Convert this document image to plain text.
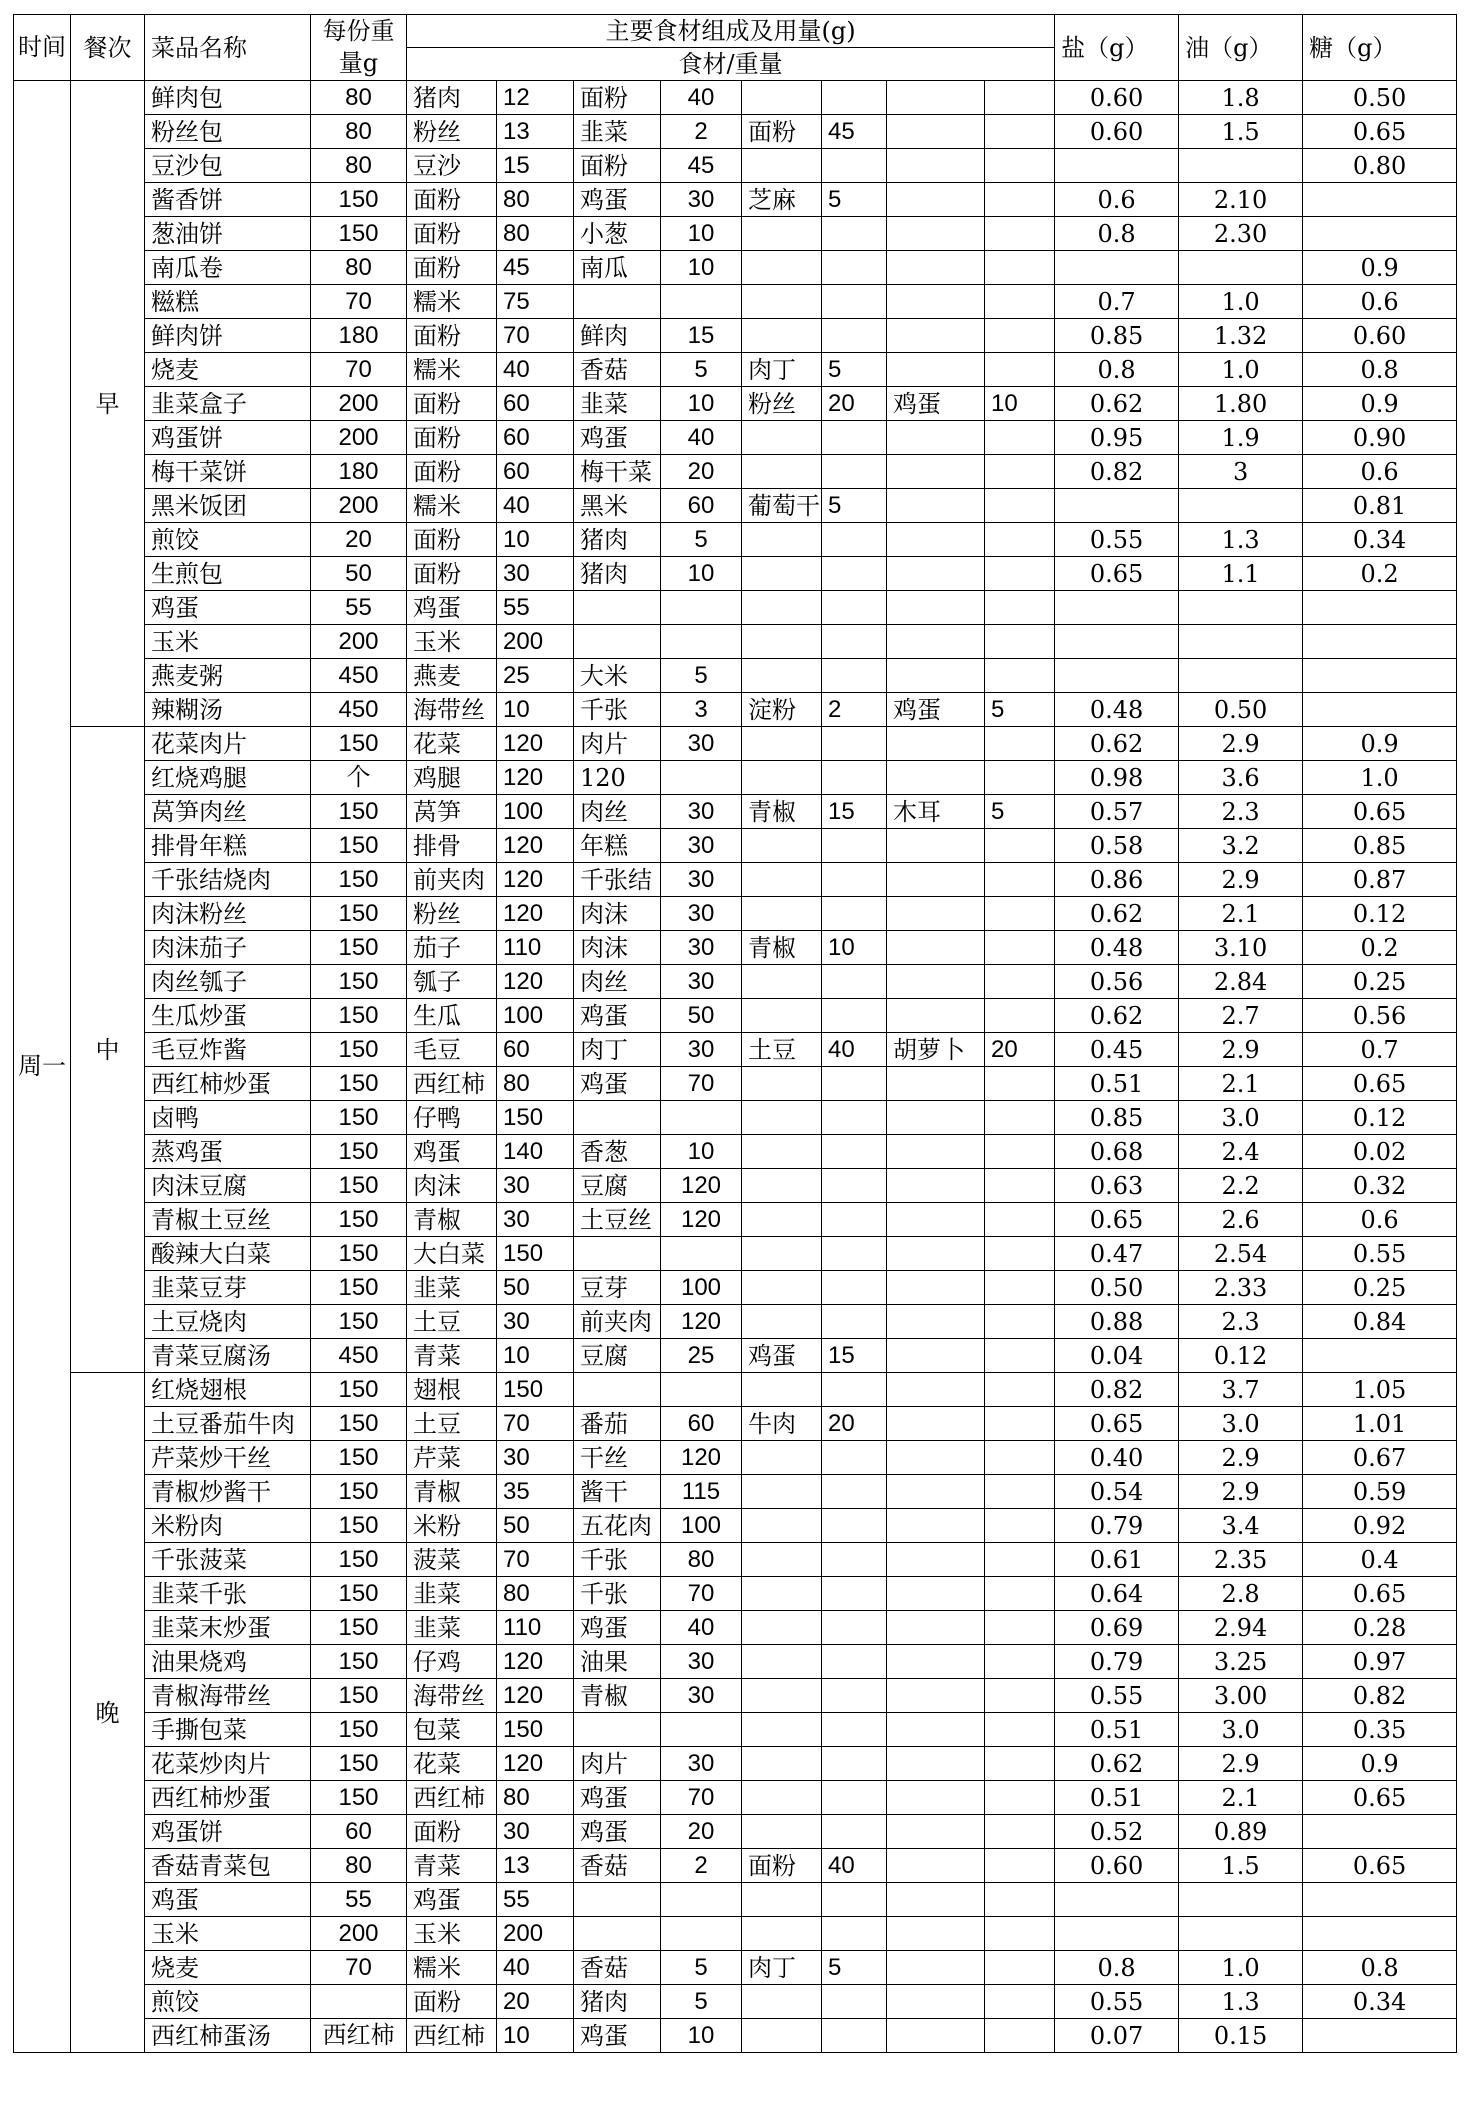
时间	餐次	菜品名称	每份重量g	主要食材组成及用量(g)								盐（g）	油（g）	糖（g）
				食材/重量										
周一	早	鲜肉包	80	猪肉	12	面粉	40					0.60	1.8	0.50
		粉丝包	80	粉丝	13	韭菜	2	面粉	45			0.60	1.5	0.65
		豆沙包	80	豆沙	15	面粉	45							0.80
		酱香饼	150	面粉	80	鸡蛋	30	芝麻	5			0.6	2.10	
		葱油饼	150	面粉	80	小葱	10					0.8	2.30	
		南瓜卷	80	面粉	45	南瓜	10							0.9
		糍糕	70	糯米	75							0.7	1.0	0.6
		鲜肉饼	180	面粉	70	鲜肉	15					0.85	1.32	0.60
		烧麦	70	糯米	40	香菇	5	肉丁	5			0.8	1.0	0.8
		韭菜盒子	200	面粉	60	韭菜	10	粉丝	20	鸡蛋	10	0.62	1.80	0.9
		鸡蛋饼	200	面粉	60	鸡蛋	40					0.95	1.9	0.90
		梅干菜饼	180	面粉	60	梅干菜	20					0.82	3	0.6
		黑米饭团	200	糯米	40	黑米	60	葡萄干	5					0.81
		煎饺	20	面粉	10	猪肉	5					0.55	1.3	0.34
		生煎包	50	面粉	30	猪肉	10					0.65	1.1	0.2
		鸡蛋	55	鸡蛋	55									
		玉米	200	玉米	200									
		燕麦粥	450	燕麦	25	大米	5							
		辣糊汤	450	海带丝	10	千张	3	淀粉	2	鸡蛋	5	0.48	0.50	
	中	花菜肉片	150	花菜	120	肉片	30					0.62	2.9	0.9
		红烧鸡腿	个	鸡腿	120	120						0.98	3.6	1.0
		莴笋肉丝	150	莴笋	100	肉丝	30	青椒	15	木耳	5	0.57	2.3	0.65
		排骨年糕	150	排骨	120	年糕	30					0.58	3.2	0.85
		千张结烧肉	150	前夹肉	120	千张结	30					0.86	2.9	0.87
		肉沫粉丝	150	粉丝	120	肉沫	30					0.62	2.1	0.12
		肉沫茄子	150	茄子	110	肉沫	30	青椒	10			0.48	3.10	0.2
		肉丝瓠子	150	瓠子	120	肉丝	30					0.56	2.84	0.25
		生瓜炒蛋	150	生瓜	100	鸡蛋	50					0.62	2.7	0.56
		毛豆炸酱	150	毛豆	60	肉丁	30	土豆	40	胡萝卜	20	0.45	2.9	0.7
		西红柿炒蛋	150	西红柿	80	鸡蛋	70					0.51	2.1	0.65
		卤鸭	150	仔鸭	150							0.85	3.0	0.12
		蒸鸡蛋	150	鸡蛋	140	香葱	10					0.68	2.4	0.02
		肉沫豆腐	150	肉沫	30	豆腐	120					0.63	2.2	0.32
		青椒土豆丝	150	青椒	30	土豆丝	120					0.65	2.6	0.6
		酸辣大白菜	150	大白菜	150							0.47	2.54	0.55
		韭菜豆芽	150	韭菜	50	豆芽	100					0.50	2.33	0.25
		土豆烧肉	150	土豆	30	前夹肉	120					0.88	2.3	0.84
		青菜豆腐汤	450	青菜	10	豆腐	25	鸡蛋	15			0.04	0.12	
	晚	红烧翅根	150	翅根	150							0.82	3.7	1.05
		土豆番茄牛肉	150	土豆	70	番茄	60	牛肉	20			0.65	3.0	1.01
		芹菜炒干丝	150	芹菜	30	干丝	120					0.40	2.9	0.67
		青椒炒酱干	150	青椒	35	酱干	115					0.54	2.9	0.59
		米粉肉	150	米粉	50	五花肉	100					0.79	3.4	0.92
		千张菠菜	150	菠菜	70	千张	80					0.61	2.35	0.4
		韭菜千张	150	韭菜	80	千张	70					0.64	2.8	0.65
		韭菜末炒蛋	150	韭菜	110	鸡蛋	40					0.69	2.94	0.28
		油果烧鸡	150	仔鸡	120	油果	30					0.79	3.25	0.97
		青椒海带丝	150	海带丝	120	青椒	30					0.55	3.00	0.82
		手撕包菜	150	包菜	150							0.51	3.0	0.35
		花菜炒肉片	150	花菜	120	肉片	30					0.62	2.9	0.9
		西红柿炒蛋	150	西红柿	80	鸡蛋	70					0.51	2.1	0.65
		鸡蛋饼	60	面粉	30	鸡蛋	20					0.52	0.89	
		香菇青菜包	80	青菜	13	香菇	2	面粉	40			0.60	1.5	0.65
		鸡蛋	55	鸡蛋	55									
		玉米	200	玉米	200									
		烧麦	70	糯米	40	香菇	5	肉丁	5			0.8	1.0	0.8
		煎饺		面粉	20	猪肉	5					0.55	1.3	0.34
		西红柿蛋汤	西红柿	西红柿	10	鸡蛋	10					0.07	0.15	
